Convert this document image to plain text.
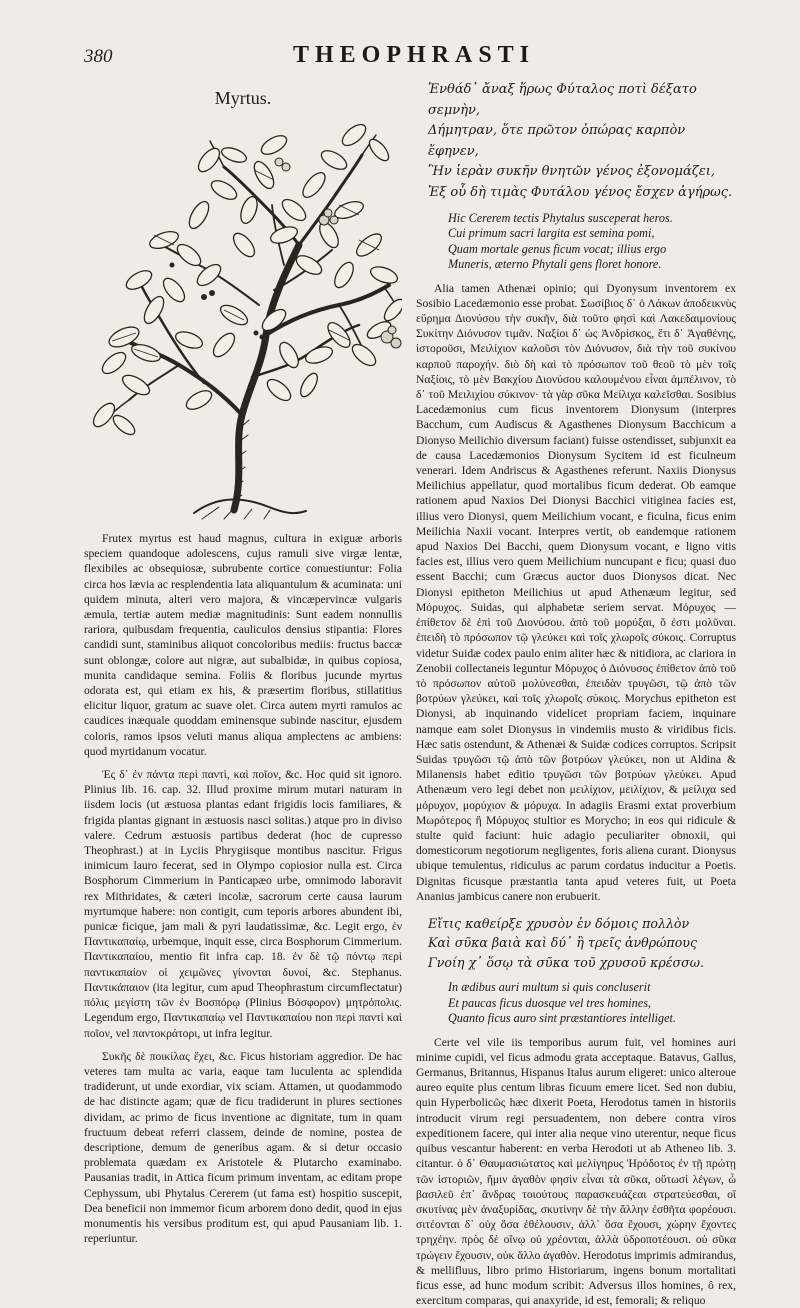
380	THEOPHRASTI
Myrtus.

Frutex myrtus est haud magnus, cultura in exiguæ arboris speciem quandoque adolescens, cujus ramuli sive virgæ lentæ, flexibiles ac obsequiosæ, subrubente cortice conuestiuntur: Folia circa hos lævia ac resplendentia lata aliquantulum & acuminata: uni quidem minuta, alteri vero majora, & vincæpervincæ vulgaris æmula, tertiæ autem mediæ magnitudinis: Sunt eadem nonnullis rariora, quibusdam frequentia, cauliculos densius stipantia: Flores candidi sunt, staminibus aliquot concoloribus mediis: fructus baccæ sunt oblongæ, colore aut nigræ, aut subalbidæ, in quibus copiosa, munita candidaque semina. Foliis & floribus jucunde myrtus odorata est, qui etiam ex his, & præsertim floribus, stillatitius elicitur liquor, gratum ac suave olet. Circa autem myrti ramulos ac caudices inæquale quoddam eminensque subinde nascitur, ejusdem coloris, ramos ipsos veluti manus aliqua amplectens ac ambiens: quod myrtidanum vocatur.

Ἐς δ᾽ ἐν πάντα περὶ παντὶ, καὶ ποῖον, &c. Hoc quid sit ignoro. Plinius lib. 16. cap. 32. Illud proxime mirum mutari naturam in iisdem locis (ut æstuosa plantas edant frigidis locis familiares, & frigida plantas gignant in æstuosis nasci solitas.) atque pro in diviso valere. Cedrum æstuosis partibus dederat (hoc de cupresso Theophrast.) at in Lyciis Phrygiisque montibus nascitur. Frigus inimicum lauro fecerat, sed in Olympo copiosior nulla est. Circa Bosphorum Cimmerium in Panticapæo urbe, omnimodo laboravit rex Mithridates, & cæteri incolæ, sacrorum certe causa laurum myrtumque habere: non contigit, cum teporis arbores abundent ibi, punicæ ficique, jam mali & pyri laudatissimæ, &c. Legit ergo, ἐν Παντικαπαίῳ, urbemque, inquit esse, circa Bosphorum Cimmerium. Παντικαπαίου, mentio fit infra cap. 18. ἐν δὲ τῷ πόντῳ περὶ παντικαπαίον οἱ χειμῶνες γίνονται δυνοί, &c. Stephanus. Παντικάπαιον (ita legitur, cum apud Theophrastum circumflectatur) πόλις μεγίστη τῶν ἐν Βοσπόρῳ (Plinius Βόσφορον) μητρόπολις. Legendum ergo, Παντικαπαίῳ vel Παντικαπαίου non περὶ παντὶ καὶ ποῖον, vel παντοκράτορι, ut infra legitur.

Συκῆς δὲ ποικίλας ἔχει, &c. Ficus historiam aggredior. De hac veteres tam multa ac varia, eaque tam luculenta ac splendida tradiderunt, ut unde exordiar, vix sciam. Attamen, ut quodammodo de hac distincte agam; quæ de ficu tradiderunt in plures sectiones dividam, ac primo de ficus inventione ac dignitate, tum in quam fructuum debeat referri classem, deinde de nomine, postea de descriptione, demum de generibus agam. & si detur occasio problemata quædam ex Aristotele & Plutarcho examinabo. Pausanias tradit, in Attica ficum primum inventam, ac editam prope Cephyssum, ubi Phytalus Cererem (ut fama est) hospitio suscepit, Dea beneficii non immemor ficum arborem dono dedit, quod in ejus monumentis his versibus proditum est, qui apud Pausaniam lib. 1. reperiuntur.

Ἐνθάδ᾽ ἄναξ ἥρως Φύταλος ποτὶ δέξατο σεμνὴν,
Δήμητραν, ὅτε πρῶτον ὀπώρας καρπὸν ἔφηνεν,
Ἣν ἱερὰν συκῆν θνητῶν γένος ἐξονομάζει,
Ἐξ οὗ δὴ τιμὰς Φυτάλου γένος ἔσχεν ἀγήρως.
Hic Cererem tectis Phytalus susceperat heros.
Cui primum sacri largita est semina pomi,
Quam mortale genus ficum vocat; illius ergo
Muneris, æterno Phytali gens floret honore.

Alia tamen Athenæi opinio; qui Dyonysum inventorem ex Sosibio Lacedæmonio esse probat. Σωσίβιος δ᾽ ὁ Λάκων ἀποδεικνὺς εὕρημα Διονύσου τὴν συκῆν, διὰ τοῦτο φησὶ καὶ Λακεδαιμονίους Συκίτην Διόνυσον τιμᾶν. Ναξίοι δ᾽ ὡς Ἀνδρίσκος, ἔτι δ᾽ Ἀγαθένης, ἱστοροῦσι, Μειλίχιον καλοῦσι τὸν Διόνυσον, διὰ τὴν τοῦ συκίνου καρποῦ παροχήν. διὸ δὴ καὶ τὸ πρόσωπον τοῦ θεοῦ τὸ μὲν τοῖς Ναξίοις, τὸ μὲν Βακχίου Διονύσου καλουμένου εἶναι ἀμπέλινον, τὸ δ᾽ τοῦ Μειλιχίου σύκινον· τὰ γὰρ σῦκα Μείλιχα καλεῖσθαι. Sosibius Lacedæmonius cum ficus inventorem Dionysum (interpres Bacchum, cum Audiscus & Agasthenes Dionysum Bacchicum a Dionyso Meilichio diversum faciant) fuisse ostendisset, subjunxit ea de causa Lacedæmonios Dionysum Sycitem id est ficulneum venerari. Idem Andriscus & Agasthenes referunt. Naxiis Dionysus Meilichius appellatur, quod mortalibus ficum dederat. Ob eamque rationem apud Naxios Dei Dionysi Bacchici vitiginea facies est, illius vero Dionysi, quem Meilichium vocant, e ficulna, ficus enim Meilichia Naxii vocant. Interpres vertit, ob eandemque rationem apud Naxios Dei Bacchi, quem Dionysum vocant, e ligno vitis facies est, illius vero quem Meilichium nuncupant e ficu; quasi duo essent Bacchi; cum Græcus auctor duos Dionysos dicat. Nec Dionysi epitheton Meilichius ut apud Athenæum legitur, sed Μόρυχος. Suidas, qui alphabetæ seriem servat. Μόρυχος — ἐπίθετον δὲ ἐπὶ τοῦ Διονύσου. ἀπὸ τοῦ μορύξαι, ὅ ἐστι μολῦναι. ἐπειδὴ τὸ πρόσωπον τῷ γλεύκει καὶ τοῖς χλωροῖς σύκοις. Corruptus videtur Suidæ codex paulo enim aliter hæc & nitidiora, ac clariora in Zenobii collectaneis leguntur Μόρυχος ὁ Διόνυσος ἐπίθετον ἀπὸ τοῦ τὸ πρόσωπον αὐτοῦ μολύνεσθαι, ἐπειδὰν τρυγῶσι, τῷ ἀπὸ τῶν βοτρύων γλεύκει, καὶ τοῖς χλωροῖς σύκοις. Morychus epitheton est Dionysi, ab inquinando videlicet propriam faciem, inquinare namque eam solet Dionysus in vindemiis musto & viridibus ficis. Hæc satis ostendunt, & Athenæi & Suidæ codices corruptos. Scripsit Suidas τρυγῶσι τῷ ἀπὸ τῶν βοτρύων γλεύκει, non ut Aldina & Milanensis habet editio τρυγῶσι τῶν βοτρύων γλεύκει. Apud Athenæum vero legi debet non μειλίχιον, μειλίχιον, & μείλιχα sed μόρυχον, μορύχιον & μόρυχα. In adagiis Erasmi extat proverbium Μωρότερος ἢ Μόρυχος stultior es Morycho; in eos qui ridicule & stulte quid faciunt: huic adagio peculiariter obnoxii, qui domesticorum negotiorum negligentes, foris aliena curant. Dionysus ubique temulentus, ridiculus ac parum cordatus inducitur a Poetis. Dignitas ficusque præstantia tanta apud veteres fuit, ut Poeta Ananius jambicus canere non erubuerit.

Εἴτις καθείρξε χρυσὸν ἐν δόμοις πολλὸν
Καὶ σῦκα βαιὰ καὶ δύ᾽ ἢ τρεῖς ἀνθρώπους
Γνοίη χ᾽ ὅσῳ τὰ σῦκα τοῦ χρυσοῦ κρέσσω.
In ædibus auri multum si quis concluserit
Et paucas ficus duosque vel tres homines,
Quanto ficus auro sint præstantiores intelliget.

Certe vel vile iis temporibus aurum fuit, vel homines auri minime cupidi, vel ficus admodu grata acceptaque. Batavus, Gallus, Germanus, Britannus, Hispanus Italus aurum eligeret: unico alteroue aureo equite plus centum libras ficuum emere licet. Sed non dubiu, quin Hyperbolicῶς hæc dixerit Poeta, Herodotus tamen in historiis introducit virum regi persuadentem, non debere contra viros expeditionem facere, qui inter alia neque vino uterentur, neque ficus quibus vescantur haberent: en verba Herodoti ut ab Atheneo lib. 3. citantur. ὁ δ᾽ Θαυμασιώτατος καὶ μελίγηρυς Ἡρόδοτος ἐν τῇ πρώτῃ τῶν ἱστοριῶν, ἤμιν ἀγαθὸν φησὶν εἶναι τὰ σῦκα, οὕτωσί λέγων, ὦ βασιλεῦ ἐπ᾽ ἄνδρας τοιούτους παρασκευάζεαι στρατεύεσθαι, οἳ σκυτίνας μὲν ἀναξυρίδας, σκυτίνην δὲ τὴν ἄλλην ἐσθῆτα φορέουσι. σιτέονται δ᾽ οὐχ ὅσα ἐθέλουσιν, ἀλλ᾽ ὅσα ἔχουσι, χώρην ἔχοντες τρηχέην. πρὸς δὲ οἴνῳ οὐ χρέονται, ἀλλὰ ὑδροποτέουσι. οὐ σῦκα τρώγειν ἔχουσιν, οὐκ ἄλλο ἀγαθὸν. Herodotus imprimis admirandus, & mellifluus, libro primo Historiarum, ingens bonum mortalitati ficus esse, ad hunc modum scribit: Adversus illos homines, ô rex, exercitum comparas, qui anaxyride, id est, femorali; & reliquo
